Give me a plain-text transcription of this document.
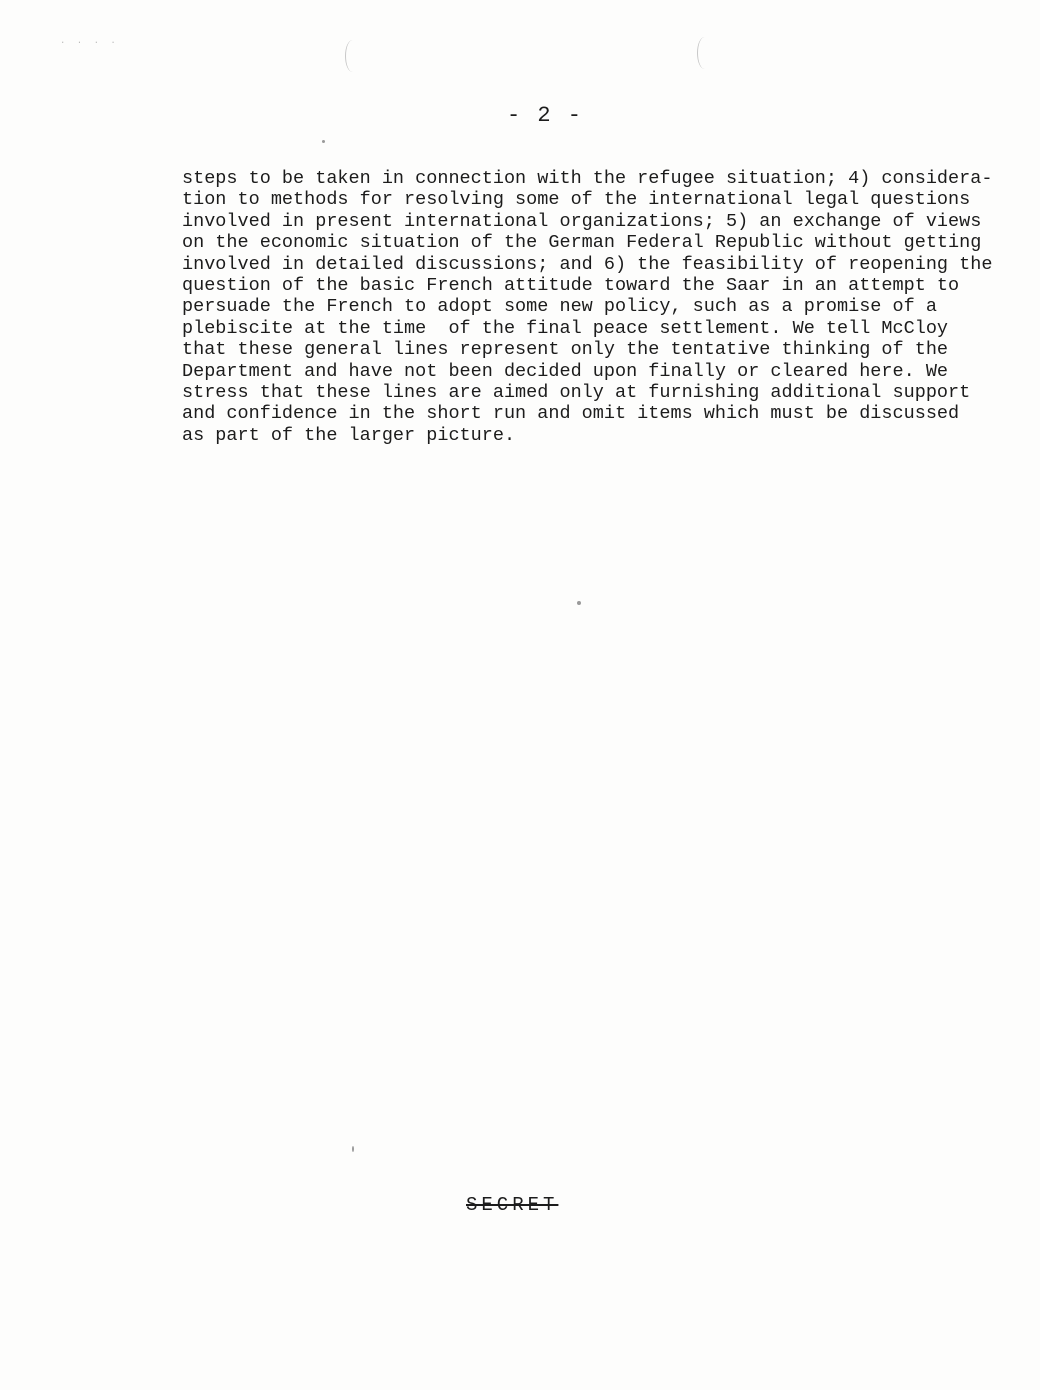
· · · ·
- 2 -
steps to be taken in connection with the refugee situation; 4) considera-
tion to methods for resolving some of the international legal questions
involved in present international organizations; 5) an exchange of views
on the economic situation of the German Federal Republic without getting
involved in detailed discussions; and 6) the feasibility of reopening the
question of the basic French attitude toward the Saar in an attempt to
persuade the French to adopt some new policy, such as a promise of a
plebiscite at the time  of the final peace settlement. We tell McCloy
that these general lines represent only the tentative thinking of the
Department and have not been decided upon finally or cleared here. We
stress that these lines are aimed only at furnishing additional support
and confidence in the short run and omit items which must be discussed
as part of the larger picture.
SECRET
